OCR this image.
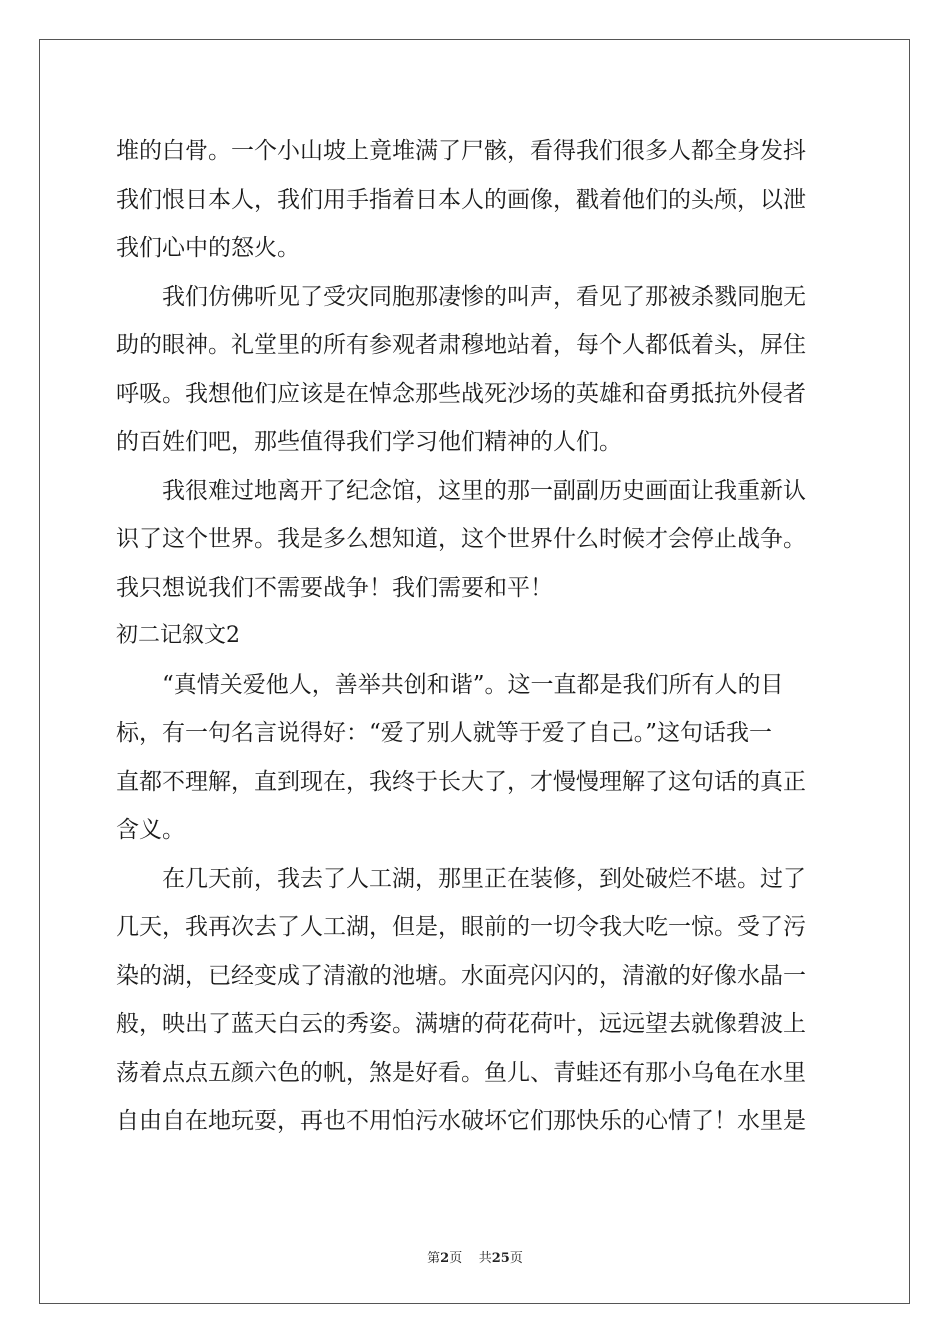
堆的白骨。一个小山坡上竟堆满了尸骸，看得我们很多人都全身发抖
我们恨日本人，我们用手指着日本人的画像，戳着他们的头颅，以泄
我们心中的怒火。
我们仿佛听见了受灾同胞那凄惨的叫声，看见了那被杀戮同胞无
助的眼神。礼堂里的所有参观者肃穆地站着，每个人都低着头，屏住
呼吸。我想他们应该是在悼念那些战死沙场的英雄和奋勇抵抗外侵者
的百姓们吧，那些值得我们学习他们精神的人们。
我很难过地离开了纪念馆，这里的那一副副历史画面让我重新认
识了这个世界。我是多么想知道，这个世界什么时候才会停止战争。
我只想说我们不需要战争！我们需要和平！
初二记叙文2
“真情关爱他人，善举共创和谐”。这一直都是我们所有人的目
标，有一句名言说得好：“爱了别人就等于爱了自己。”这句话我一
直都不理解，直到现在，我终于长大了，才慢慢理解了这句话的真正
含义。
在几天前，我去了人工湖，那里正在装修，到处破烂不堪。过了
几天，我再次去了人工湖，但是，眼前的一切令我大吃一惊。受了污
染的湖，已经变成了清澈的池塘。水面亮闪闪的，清澈的好像水晶一
般，映出了蓝天白云的秀姿。满塘的荷花荷叶，远远望去就像碧波上
荡着点点五颜六色的帆，煞是好看。鱼儿、青蛙还有那小乌龟在水里
自由自在地玩耍，再也不用怕污水破坏它们那快乐的心情了！水里是
第2页 共25页
